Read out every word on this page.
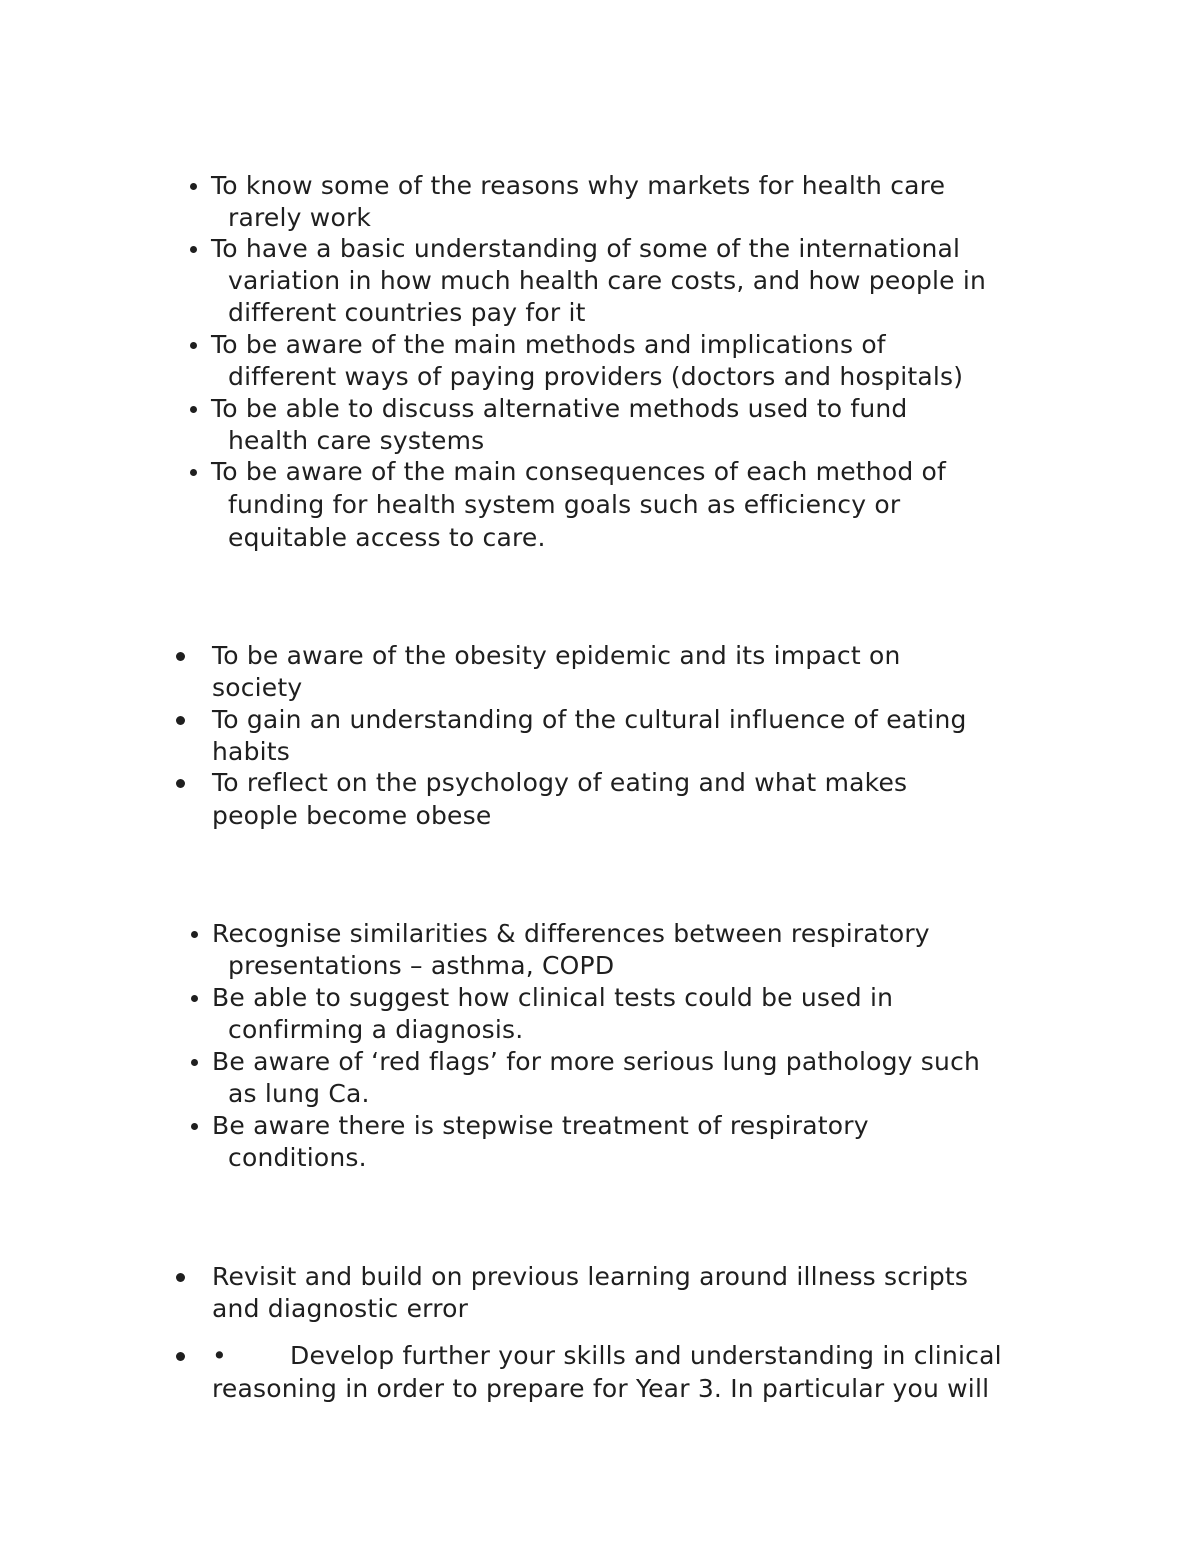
To know some of the reasons why markets for health care
rarely work
To have a basic understanding of some of the international
variation in how much health care costs, and how people in
different countries pay for it
To be aware of the main methods and implications of
different ways of paying providers (doctors and hospitals)
To be able to discuss alternative methods used to fund
health care systems
To be aware of the main consequences of each method of
funding for health system goals such as efficiency or
equitable access to care.
To be aware of the obesity epidemic and its impact on
society
To gain an understanding of the cultural influence of eating
habits
To reflect on the psychology of eating and what makes
people become obese
Recognise similarities & differences between respiratory
presentations – asthma, COPD
Be able to suggest how clinical tests could be used in
confirming a diagnosis.
Be aware of ‘red flags’ for more serious lung pathology such
as lung Ca.
Be aware there is stepwise treatment of respiratory
conditions.
Revisit and build on previous learning around illness scripts
and diagnostic error
•	Develop further your skills and understanding in clinical
reasoning in order to prepare for Year 3. In particular you will
